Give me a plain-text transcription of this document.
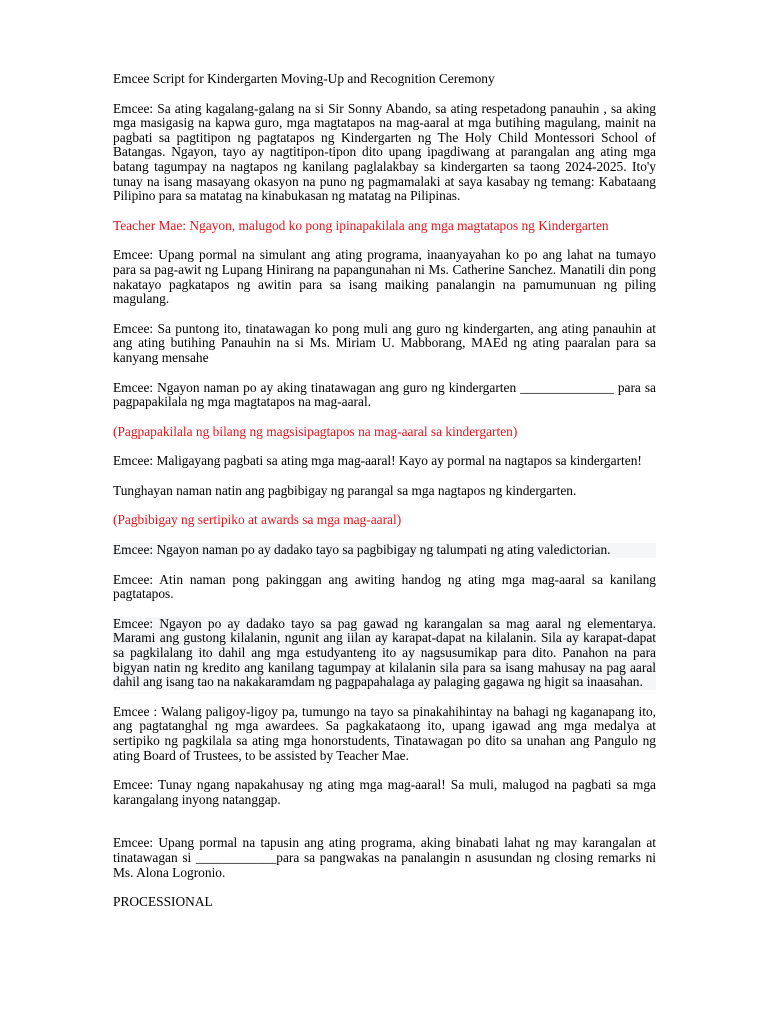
Emcee Script for Kindergarten Moving-Up and Recognition Ceremony

Emcee: Sa ating kagalang-galang na si Sir Sonny Abando, sa ating respetadong panauhin , sa aking mga masigasig na kapwa guro, mga magtatapos na mag-aaral at mga butihing magulang, mainit na pagbati sa pagtitipon ng pagtatapos ng Kindergarten ng The Holy Child Montessori School of Batangas. Ngayon, tayo ay nagtitipon-tipon dito upang ipagdiwang at parangalan ang ating mga batang tagumpay na nagtapos ng kanilang paglalakbay sa kindergarten sa taong 2024-2025. Ito'y tunay na isang masayang okasyon na puno ng pagmamalaki at saya kasabay ng temang: Kabataang Pilipino para sa matatag na kinabukasan ng matatag na Pilipinas.

Teacher Mae: Ngayon, malugod ko pong ipinapakilala ang mga magtatapos ng Kindergarten

Emcee: Upang pormal na simulant ang ating programa, inaanyayahan ko po ang lahat na tumayo para sa pag-awit ng Lupang Hinirang na papangunahan ni Ms. Catherine Sanchez. Manatili din pong nakatayo pagkatapos ng awitin para sa isang maiking panalangin na pamumunuan ng piling magulang.

Emcee: Sa puntong ito, tinatawagan ko pong muli ang guro ng kindergarten, ang ating panauhin at ang ating butihing Panauhin na si Ms. Miriam U. Mabborang, MAEd ng ating paaralan para sa kanyang mensahe

Emcee: Ngayon naman po ay aking tinatawagan ang guro ng kindergarten ______________ para sa pagpapakilala ng mga magtatapos na mag-aaral.

(Pagpapakilala ng bilang ng magsisipagtapos na mag-aaral sa kindergarten)

Emcee: Maligayang pagbati sa ating mga mag-aaral! Kayo ay pormal na nagtapos sa kindergarten!

Tunghayan naman natin ang pagbibigay ng parangal sa mga nagtapos ng kindergarten.

(Pagbibigay ng sertipiko at awards sa mga mag-aaral)

Emcee: Ngayon naman po ay dadako tayo sa pagbibigay ng talumpati ng ating valedictorian.

Emcee: Atin naman pong pakinggan ang awiting handog ng ating mga mag-aaral sa kanilang pagtatapos.

Emcee: Ngayon po ay dadako tayo sa pag gawad ng karangalan sa mag aaral ng elementarya. Marami ang gustong kilalanin, ngunit ang iilan ay karapat-dapat na kilalanin. Sila ay karapat-dapat sa pagkilalang ito dahil ang mga estudyanteng ito ay nagsusumikap para dito. Panahon na para bigyan natin ng kredito ang kanilang tagumpay at kilalanin sila para sa isang mahusay na pag aaral dahil ang isang tao na nakakaramdam ng pagpapahalaga ay palaging gagawa ng higit sa inaasahan.

Emcee : Walang paligoy-ligoy pa, tumungo na tayo sa pinakahihintay na bahagi ng kaganapang ito, ang pagtatanghal ng mga awardees. Sa pagkakataong ito, upang igawad ang mga medalya at sertipiko ng pagkilala sa ating mga honorstudents, Tinatawagan po dito sa unahan ang Pangulo ng ating Board of Trustees, to be assisted by Teacher Mae.

Emcee: Tunay ngang napakahusay ng ating mga mag-aaral! Sa muli, malugod na pagbati sa mga karangalang inyong natanggap.

Emcee: Upang pormal na tapusin ang ating programa, aking binabati lahat ng may karangalan at tinatawagan si ____________para sa pangwakas na panalangin n asusundan ng closing remarks ni Ms. Alona Logronio.

PROCESSIONAL
